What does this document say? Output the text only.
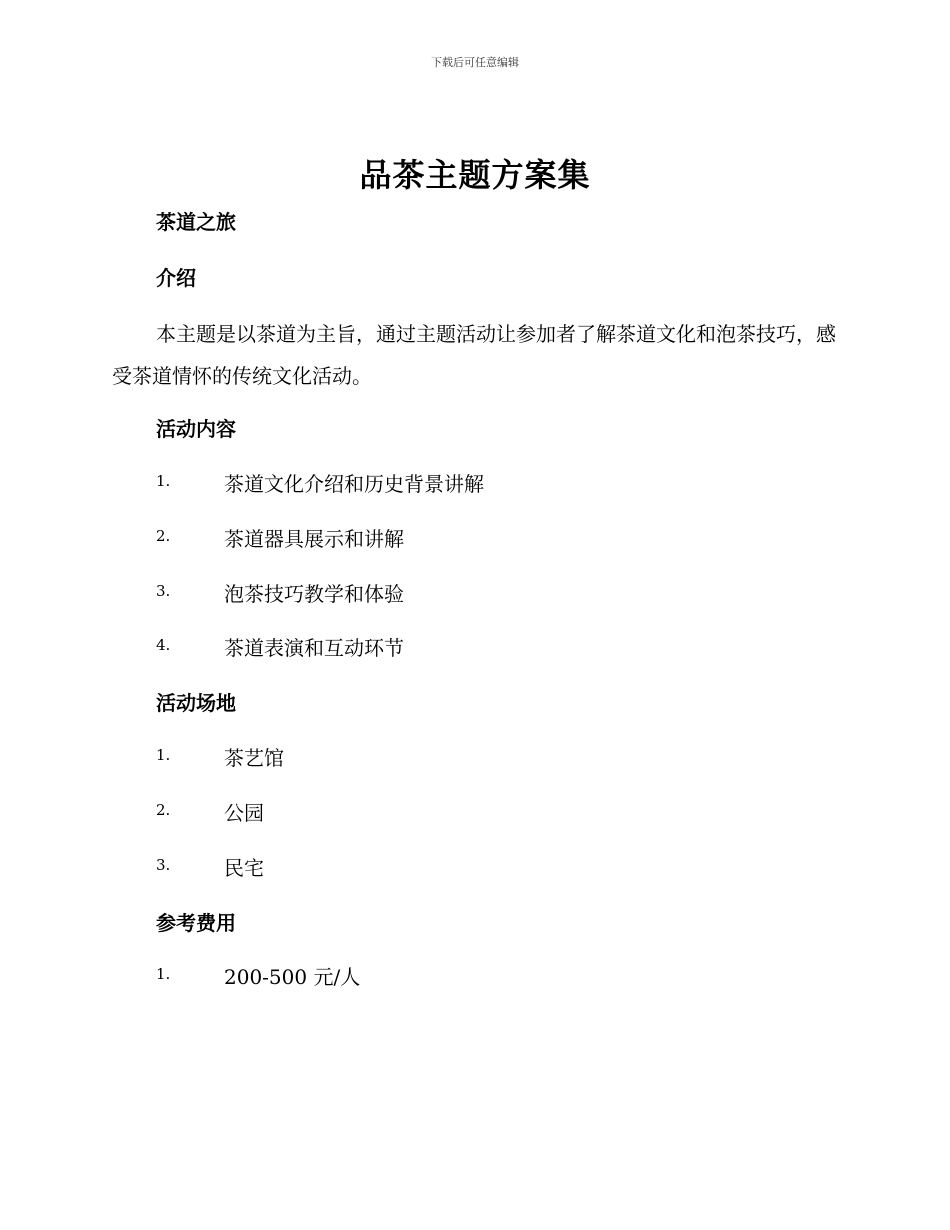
下载后可任意编辑
品茶主题方案集
茶道之旅
介绍
本主题是以茶道为主旨，通过主题活动让参加者了解茶道文化和泡茶技巧，感受茶道情怀的传统文化活动。
活动内容
1.	茶道文化介绍和历史背景讲解
2.	茶道器具展示和讲解
3.	泡茶技巧教学和体验
4.	茶道表演和互动环节
活动场地
1.	茶艺馆
2.	公园
3.	民宅
参考费用
1.	200-500 元/人
